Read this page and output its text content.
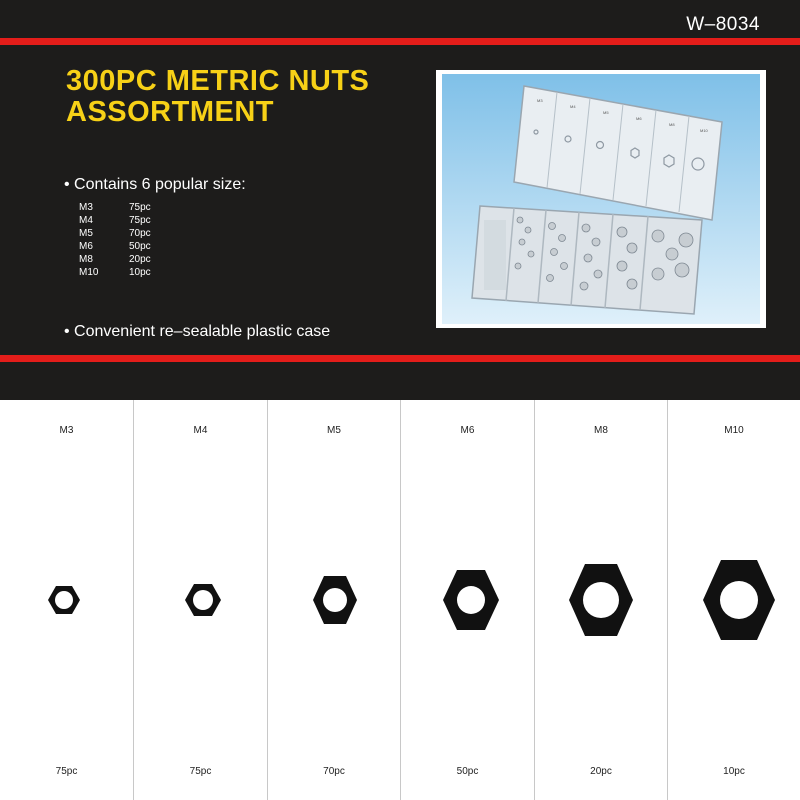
W–8034
300PC METRIC NUTS
ASSORTMENT
• Contains 6 popular size:
M3	75pc
M4	75pc
M5	70pc
M6	50pc
M8	20pc
M10	10pc
• Convenient re–sealable plastic case
M3
M4
M5
M6
M8
M10
M3
75pc
M4
75pc
M5
70pc
M6
50pc
M8
20pc
M10
10pc
